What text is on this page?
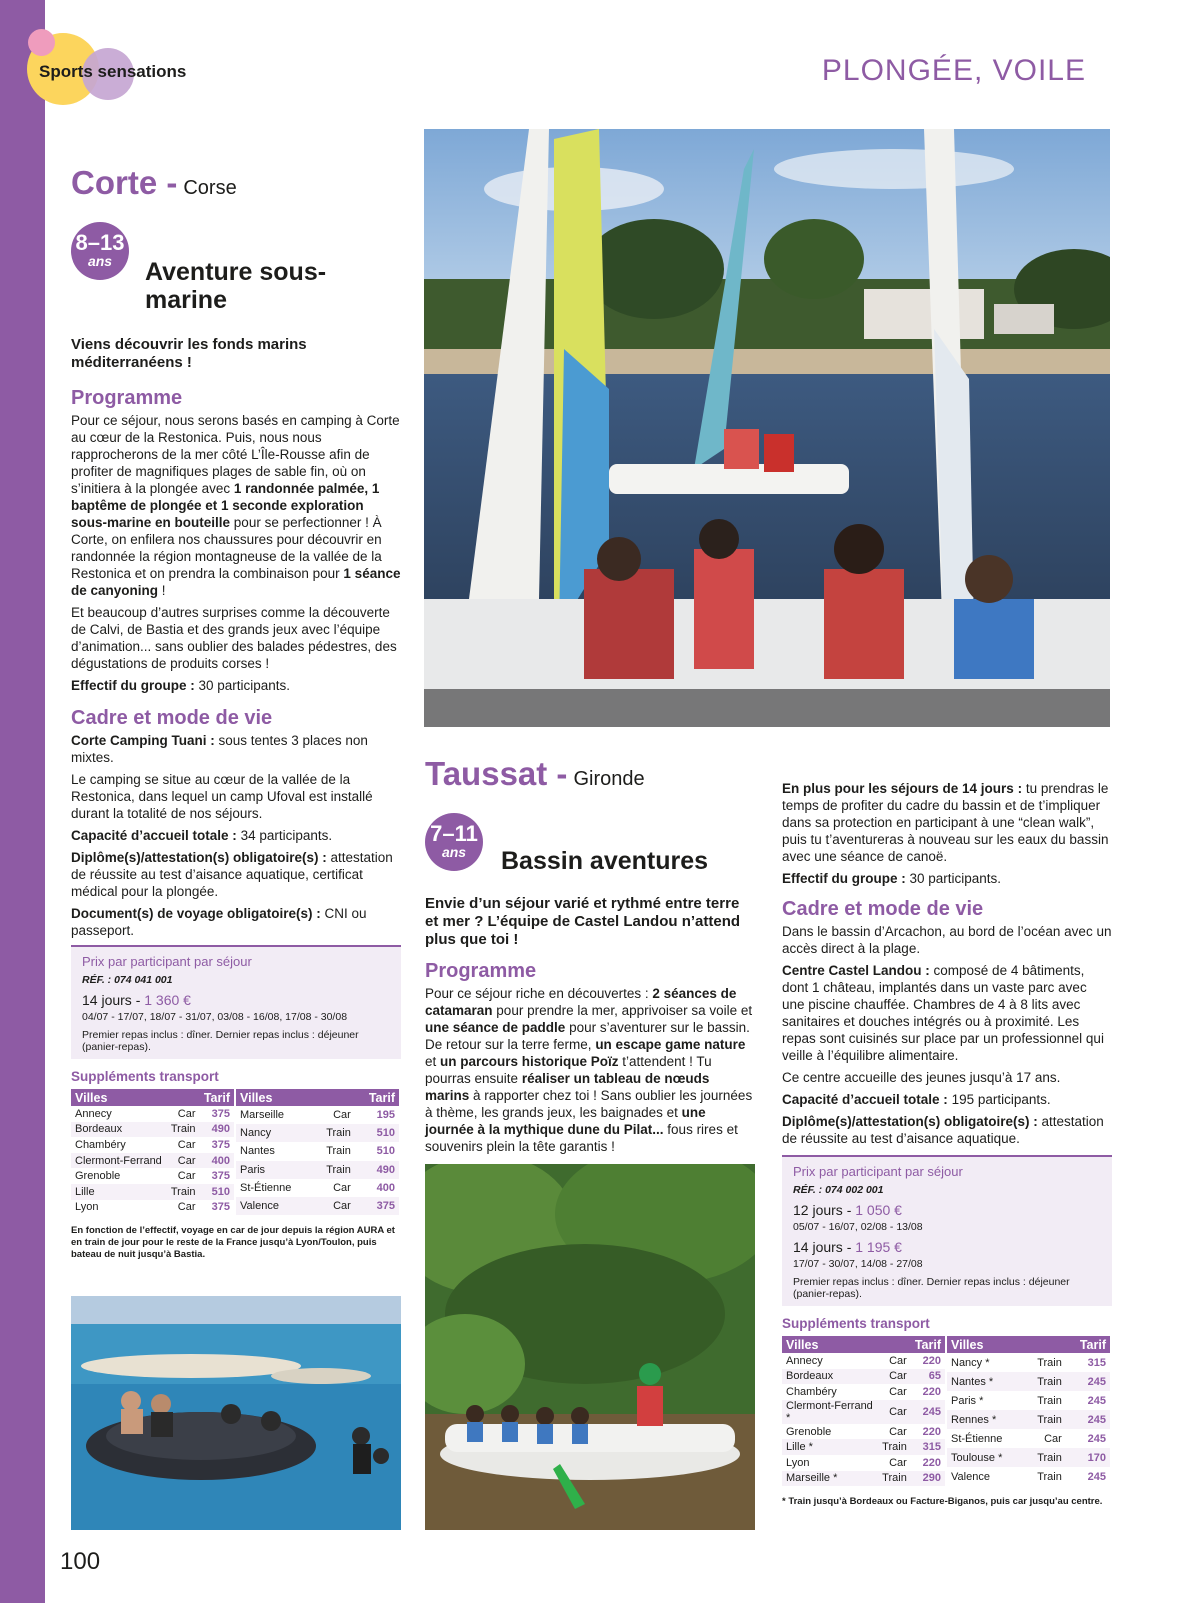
Sports sensations	PLONGÉE, VOILE
Corte - Corse
8–13
ans	Aventure sous-marine

Viens découvrir les fonds marins méditerranéens !

Programme

Pour ce séjour, nous serons basés en camping à Corte au cœur de la Restonica. Puis, nous nous rapprocherons de la mer côté L’Île-Rousse afin de profiter de magnifiques plages de sable fin, où on s’initiera à la plongée avec 1 randonnée palmée, 1 baptême de plongée et 1 seconde exploration sous-marine en bouteille pour se perfectionner ! À Corte, on enfilera nos chaussures pour découvrir en randonnée la région montagneuse de la vallée de la Restonica et on prendra la combinaison pour 1 séance de canyoning !

Et beaucoup d’autres surprises comme la découverte de Calvi, de Bastia et des grands jeux avec l’équipe d’animation... sans oublier des balades pédestres, des dégustations de produits corses !

Effectif du groupe : 30 participants.

Cadre et mode de vie

Corte Camping Tuani : sous tentes 3 places non mixtes.

Le camping se situe au cœur de la vallée de la Restonica, dans lequel un camp Ufoval est installé durant la totalité de nos séjours.

Capacité d’accueil totale : 34 participants.

Diplôme(s)/attestation(s) obligatoire(s) : attestation de réussite au test d’aisance aquatique, certificat médical pour la plongée.

Document(s) de voyage obligatoire(s) : CNI ou passeport.

Prix par participant par séjour
RÉF. : 074 041 001
14 jours - 1 360 €
04/07 - 17/07, 18/07 - 31/07, 03/08 - 16/08, 17/08 - 30/08
Premier repas inclus : dîner. Dernier repas inclus : déjeuner (panier-repas).
Suppléments transport
Villes		Tarif
Annecy	Car	375
Bordeaux	Train	490
Chambéry	Car	375
Clermont-Ferrand	Car	400
Grenoble	Car	375
Lille	Train	510
Lyon	Car	375
Villes		Tarif
Marseille	Car	195
Nancy	Train	510
Nantes	Train	510
Paris	Train	490
St-Étienne	Car	400
Valence	Car	375
En fonction de l’effectif, voyage en car de jour depuis la région AURA et en train de jour pour le reste de la France jusqu’à Lyon/Toulon, puis bateau de nuit jusqu’à Bastia.
Taussat - Gironde
7–11
ans	Bassin aventures

Envie d’un séjour varié et rythmé entre terre et mer ? L’équipe de Castel Landou n’attend plus que toi !

Programme

Pour ce séjour riche en découvertes : 2 séances de catamaran pour prendre la mer, apprivoiser sa voile et une séance de paddle pour s’aventurer sur le bassin. De retour sur la terre ferme, un escape game nature et un parcours historique Poïz t’attendent ! Tu pourras ensuite réaliser un tableau de nœuds marins à rapporter chez toi ! Sans oublier les journées à thème, les grands jeux, les baignades et une journée à la mythique dune du Pilat... fous rires et souvenirs plein la tête garantis !

En plus pour les séjours de 14 jours : tu prendras le temps de profiter du cadre du bassin et de t’impliquer dans sa protection en participant à une “clean walk”, puis tu t’aventureras à nouveau sur les eaux du bassin avec une séance de canoë.

Effectif du groupe : 30 participants.

Cadre et mode de vie

Dans le bassin d’Arcachon, au bord de l’océan avec un accès direct à la plage.

Centre Castel Landou : composé de 4 bâtiments, dont 1 château, implantés dans un vaste parc avec une piscine chauffée. Chambres de 4 à 8 lits avec sanitaires et douches intégrés ou à proximité. Les repas sont cuisinés sur place par un professionnel qui veille à l’équilibre alimentaire.

Ce centre accueille des jeunes jusqu’à 17 ans.

Capacité d’accueil totale : 195 participants.

Diplôme(s)/attestation(s) obligatoire(s) : attestation de réussite au test d’aisance aquatique.

Prix par participant par séjour
RÉF. : 074 002 001
12 jours - 1 050 €
05/07 - 16/07, 02/08 - 13/08
14 jours - 1 195 €
17/07 - 30/07, 14/08 - 27/08
Premier repas inclus : dîner. Dernier repas inclus : déjeuner (panier-repas).
Suppléments transport
Villes		Tarif
Annecy	Car	220
Bordeaux	Car	65
Chambéry	Car	220
Clermont-Ferrand *	Car	245
Grenoble	Car	220
Lille *	Train	315
Lyon	Car	220
Marseille *	Train	290
Villes		Tarif
Nancy *	Train	315
Nantes *	Train	245
Paris *	Train	245
Rennes *	Train	245
St-Étienne	Car	245
Toulouse *	Train	170
Valence	Train	245
* Train jusqu’à Bordeaux ou Facture-Biganos, puis car jusqu’au centre.
100
